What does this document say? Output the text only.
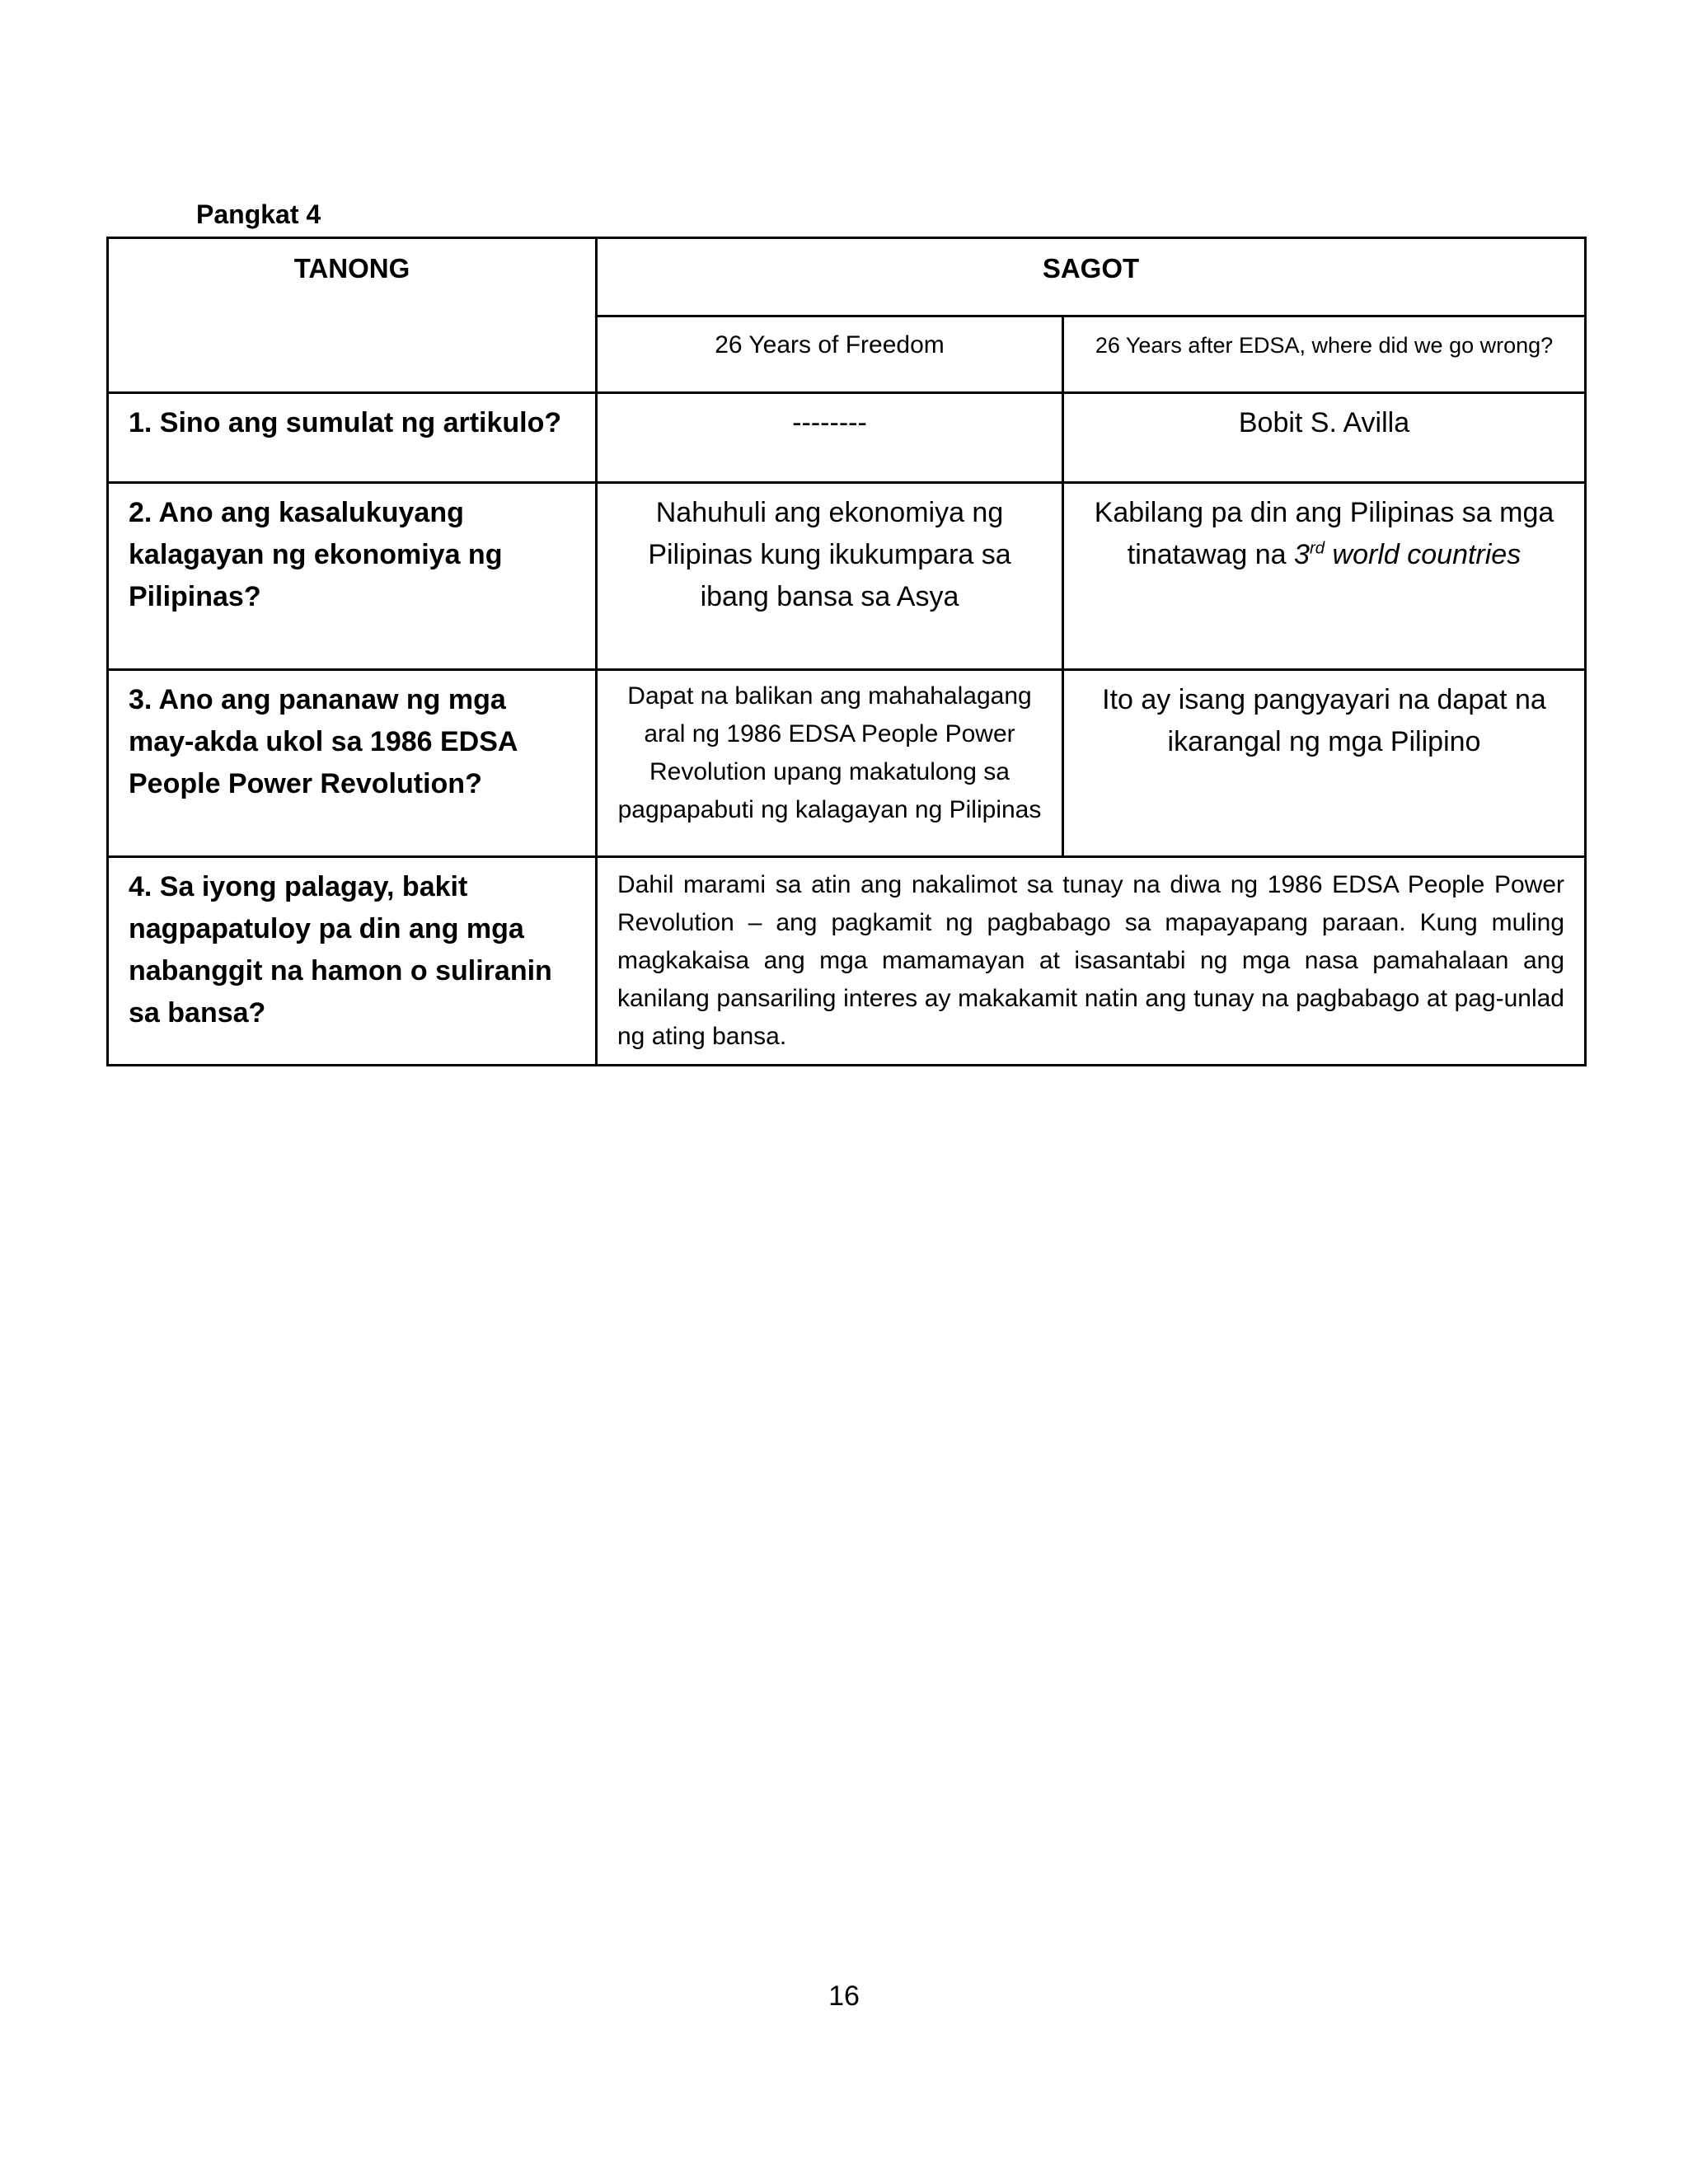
Pangkat 4
TANONG	SAGOT	
	26 Years of Freedom	26 Years after EDSA, where did we go wrong?
1. Sino ang sumulat ng artikulo?	--------	Bobit S. Avilla
2. Ano ang kasalukuyang kalagayan ng ekonomiya ng Pilipinas?	Nahuhuli ang ekonomiya ng Pilipinas kung ikukumpara sa ibang bansa sa Asya	Kabilang pa din ang Pilipinas sa mga tinatawag na 3rd world countries
3. Ano ang pananaw ng mga may-akda ukol sa 1986 EDSA People Power Revolution?	Dapat na balikan ang mahahalagang aral ng 1986 EDSA People Power Revolution upang makatulong sa pagpapabuti ng kalagayan ng Pilipinas	Ito ay isang pangyayari na dapat na ikarangal ng mga Pilipino
4. Sa iyong palagay, bakit nagpapatuloy pa din ang mga nabanggit na hamon o suliranin sa bansa?	Dahil marami sa atin ang nakalimot sa tunay na diwa ng 1986 EDSA People Power Revolution – ang pagkamit ng pagbabago sa mapayapang paraan. Kung muling magkakaisa ang mga mamamayan at isasantabi ng mga nasa pamahalaan ang kanilang pansariling interes ay makakamit natin ang tunay na pagbabago at pag-unlad ng ating bansa.	
16
